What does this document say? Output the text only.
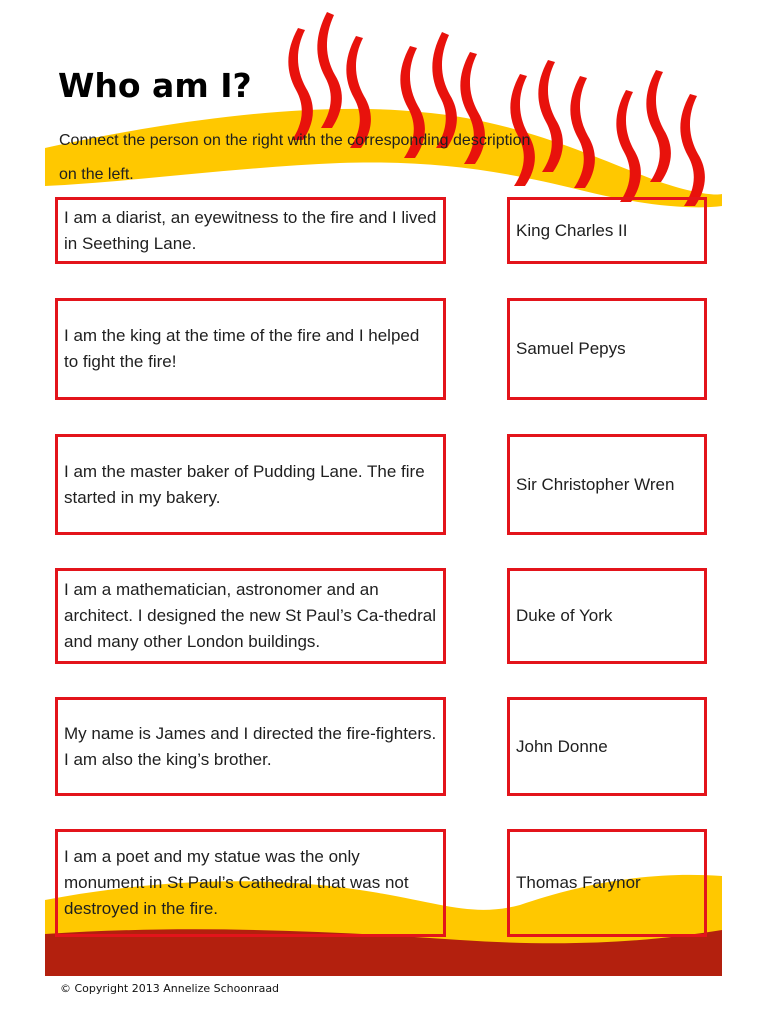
Who am I?
Connect the person on the right with the corresponding description on the left.
I am a diarist, an eyewitness to the fire and I lived in Seething Lane.
I am the king at the time of the fire and I helped to fight the fire!
I am the master baker of Pudding Lane. The fire started in my bakery.
I am a mathematician, astronomer and an architect. I designed the new St Paul’s Ca-thedral and many other London buildings.
My name is James and I directed the fire-fighters. I am also the king’s brother.
I am a poet and my statue was the only monument in St Paul’s Cathedral that was not destroyed in the fire.
King Charles II
Samuel Pepys
Sir Christopher Wren
Duke of York
John Donne
Thomas Farynor
© Copyright 2013 Annelize Schoonraad
